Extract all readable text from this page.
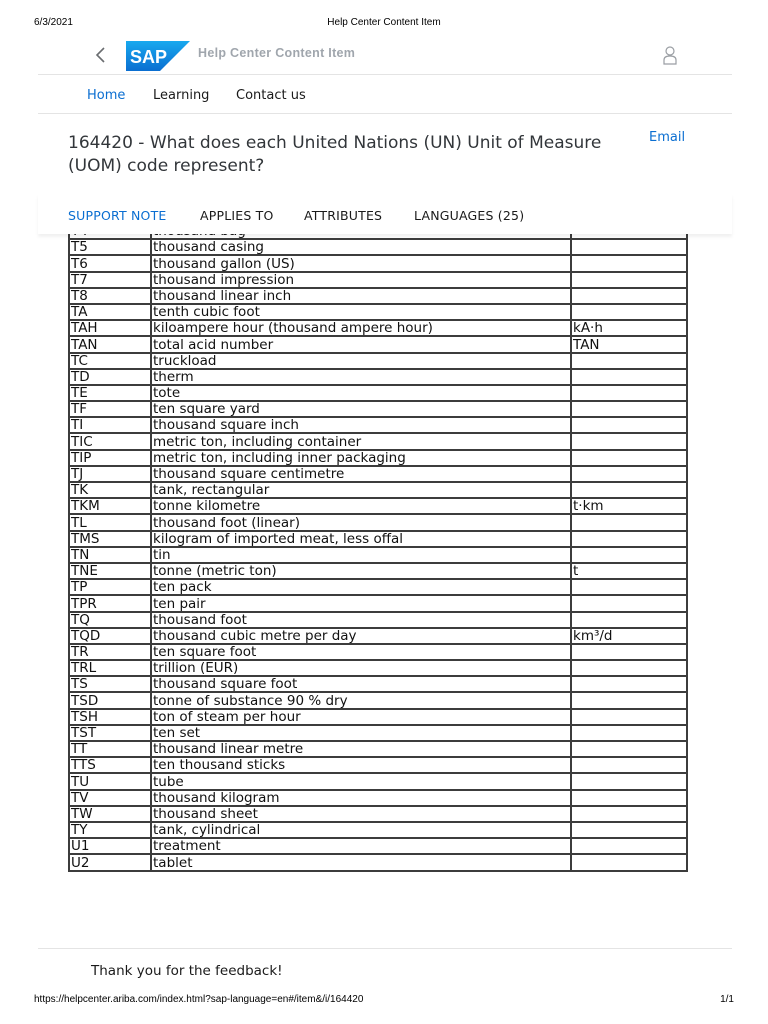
6/3/2021	Help Center Content Item
SAP Help Center Content Item
Home Learning Contact us
164420 - What does each United Nations (UN) Unit of Measure (UOM) code represent?
Email
SUPPORT NOTE	APPLIES TO ATTRIBUTES	LANGUAGES (25)

T5	thousand casing	
T6	thousand gallon (US)	
T7	thousand impression	
T8	thousand linear inch	
TA	tenth cubic foot	
TAH	kiloampere hour (thousand ampere hour)	kA·h
TAN	total acid number	TAN
TC	truckload	
TD	therm	
TE	tote	
TF	ten square yard	
TI	thousand square inch	
TIC	metric ton, including container	
TIP	metric ton, including inner packaging	
TJ	thousand square centimetre	
TK	tank, rectangular	
TKM	tonne kilometre	t·km
TL	thousand foot (linear)	
TMS	kilogram of imported meat, less offal	
TN	tin	
TNE	tonne (metric ton)	t
TP	ten pack	
TPR	ten pair	
TQ	thousand foot	
TQD	thousand cubic metre per day	km³/d
TR	ten square foot	
TRL	trillion (EUR)	
TS	thousand square foot	
TSD	tonne of substance 90 % dry	
TSH	ton of steam per hour	
TST	ten set	
TT	thousand linear metre	
TTS	ten thousand sticks	
TU	tube	
TV	thousand kilogram	
TW	thousand sheet	
TY	tank, cylindrical	
U1	treatment	
U2	tablet	
Thank you for the feedback!
https://helpcenter.ariba.com/index.html?sap-language=en#/item&/i/164420	1/1
